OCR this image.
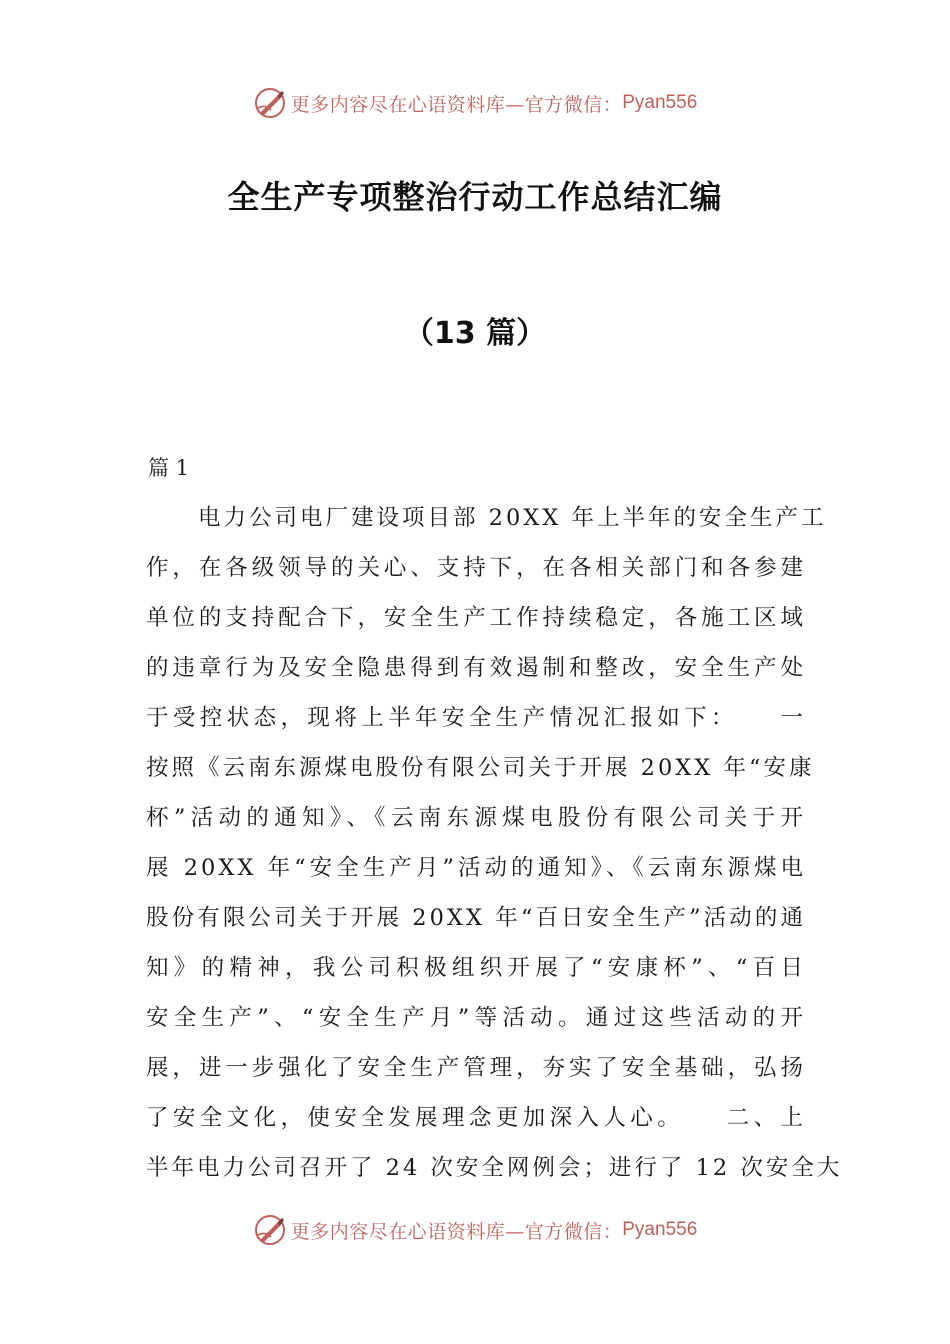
更多内容尽在心语资料库—官方微信： Pyan556
全生产专项整治行动工作总结汇编
（13 篇）
篇 1
电力公司电厂建设项目部 20XX 年上半年的安全生产工
作，在各级领导的关心、支持下，在各相关部门和各参建
单位的支持配合下，安全生产工作持续稳定，各施工区域
的违章行为及安全隐患得到有效遏制和整改，安全生产处
于受控状态，现将上半年安全生产情况汇报如下：　　一
按照《云南东源煤电股份有限公司关于开展 20XX 年“安康
杯”活动的通知》、《云南东源煤电股份有限公司关于开
展 20XX 年“安全生产月”活动的通知》、《云南东源煤电
股份有限公司关于开展 20XX 年“百日安全生产”活动的通
知》的精神，我公司积极组织开展了“安康杯”、“百日
安全生产”、“安全生产月”等活动。通过这些活动的开
展，进一步强化了安全生产管理，夯实了安全基础，弘扬
了安全文化，使安全发展理念更加深入人心。　　二、上
半年电力公司召开了 24 次安全网例会；进行了 12 次安全大
更多内容尽在心语资料库—官方微信： Pyan556
